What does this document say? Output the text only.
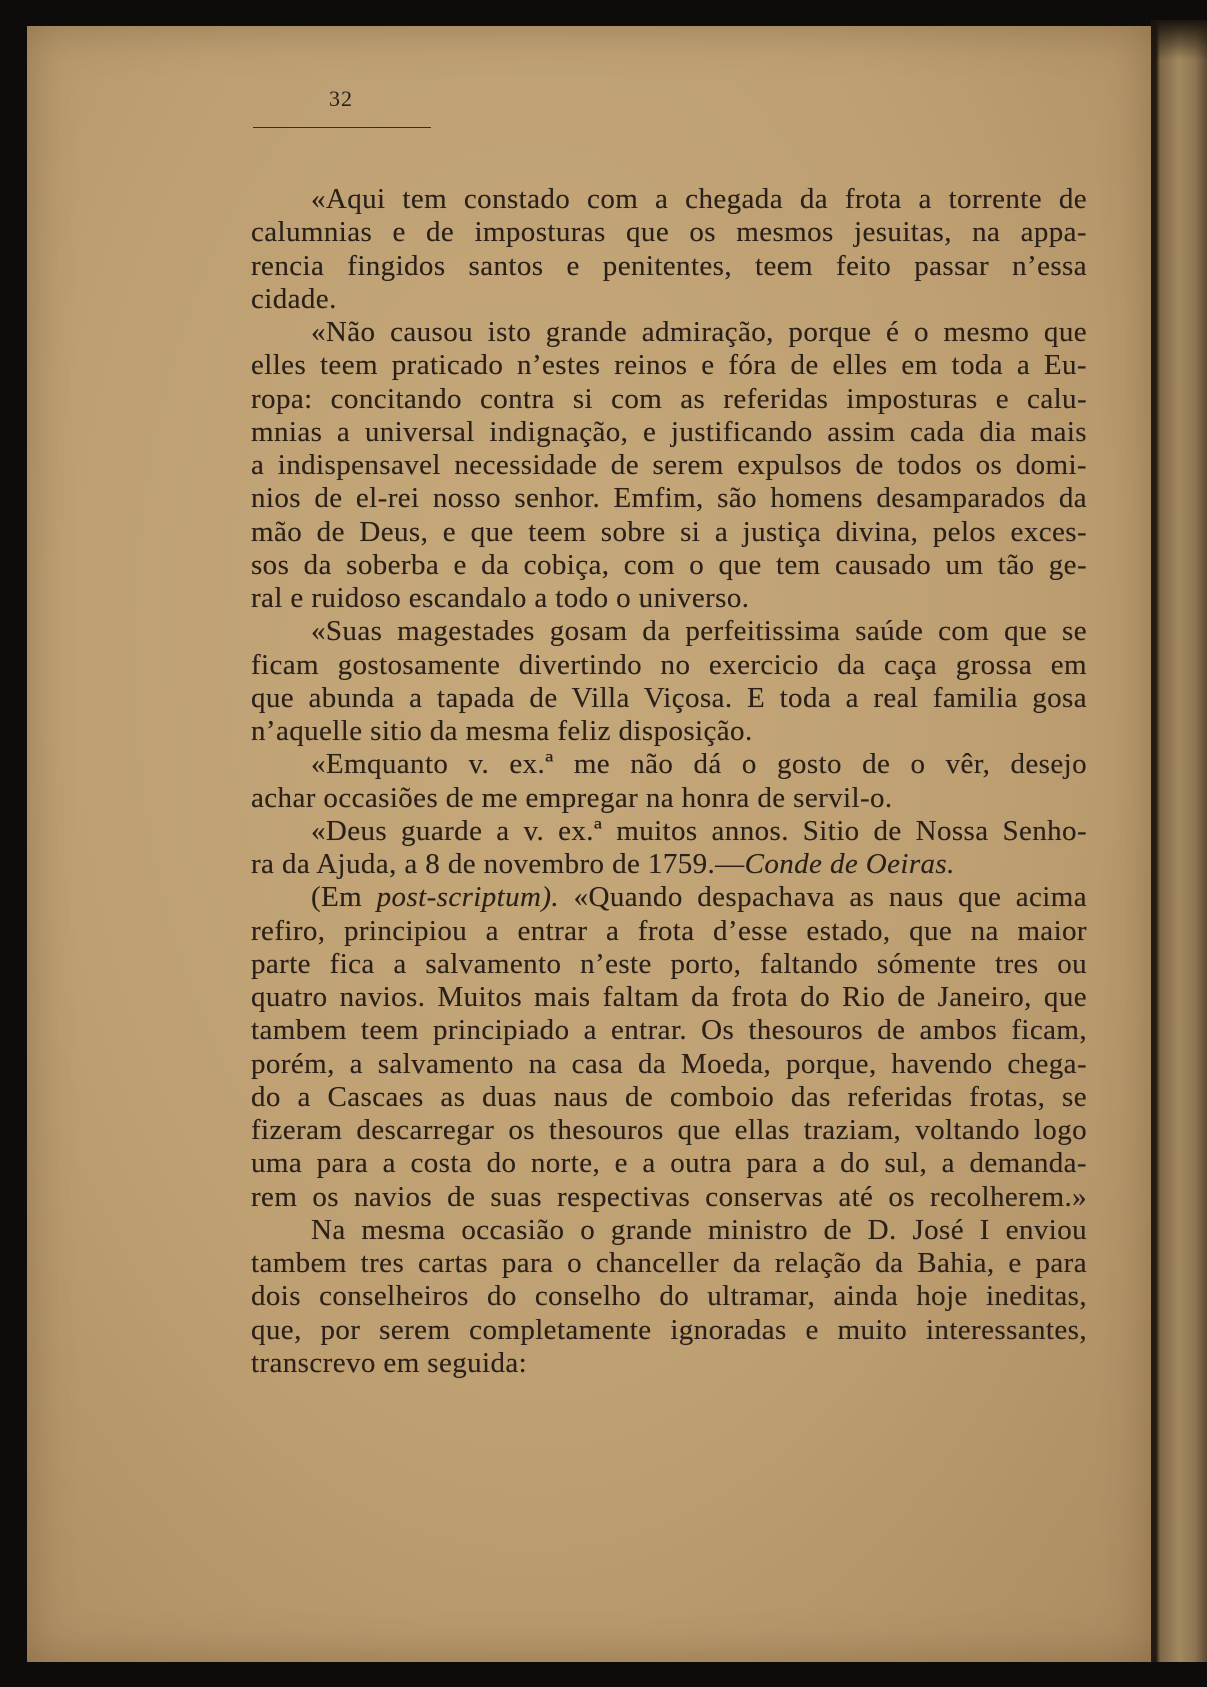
32
«Aqui tem constado com a chegada da frota a torrente de
calumnias e de imposturas que os mesmos jesuitas, na appa-
rencia fingidos santos e penitentes, teem feito passar n’essa
cidade.
«Não causou isto grande admiração, porque é o mesmo que
elles teem praticado n’estes reinos e fóra de elles em toda a Eu-
ropa: concitando contra si com as referidas imposturas e calu-
mnias a universal indignação, e justificando assim cada dia mais
a indispensavel necessidade de serem expulsos de todos os domi-
nios de el-rei nosso senhor. Emfim, são homens desamparados da
mão de Deus, e que teem sobre si a justiça divina, pelos exces-
sos da soberba e da cobiça, com o que tem causado um tão ge-
ral e ruidoso escandalo a todo o universo.
«Suas magestades gosam da perfeitissima saúde com que se
ficam gostosamente divertindo no exercicio da caça grossa em
que abunda a tapada de Villa Viçosa. E toda a real familia gosa
n’aquelle sitio da mesma feliz disposição.
«Emquanto v. ex.ª me não dá o gosto de o vêr, desejo
achar occasiões de me empregar na honra de servil-o.
«Deus guarde a v. ex.ª muitos annos. Sitio de Nossa Senho-
ra da Ajuda, a 8 de novembro de 1759.—Conde de Oeiras.
(Em post-scriptum). «Quando despachava as naus que acima
refiro, principiou a entrar a frota d’esse estado, que na maior
parte fica a salvamento n’este porto, faltando sómente tres ou
quatro navios. Muitos mais faltam da frota do Rio de Janeiro, que
tambem teem principiado a entrar. Os thesouros de ambos ficam,
porém, a salvamento na casa da Moeda, porque, havendo chega-
do a Cascaes as duas naus de comboio das referidas frotas, se
fizeram descarregar os thesouros que ellas traziam, voltando logo
uma para a costa do norte, e a outra para a do sul, a demanda-
rem os navios de suas respectivas conservas até os recolherem.»
Na mesma occasião o grande ministro de D. José I enviou
tambem tres cartas para o chanceller da relação da Bahia, e para
dois conselheiros do conselho do ultramar, ainda hoje ineditas,
que, por serem completamente ignoradas e muito interessantes,
transcrevo em seguida:
